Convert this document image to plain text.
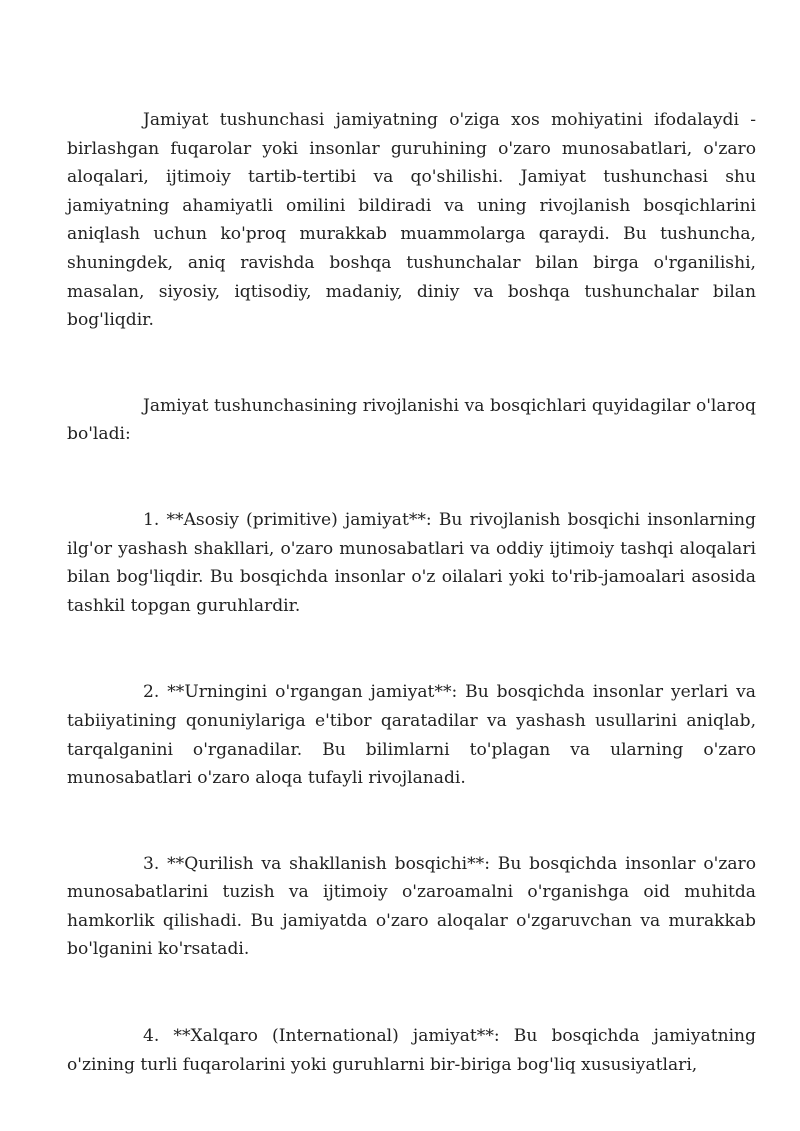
Jamiyat tushunchasi jamiyatning o'ziga xos mohiyatini ifodalaydi - birlashgan fuqarolar yoki insonlar guruhining o'zaro munosabatlari, o'zaro aloqalari, ijtimoiy tartib-tertibi va qo'shilishi. Jamiyat tushunchasi shu jamiyatning ahamiyatli omilini bildiradi va uning rivojlanish bosqichlarini aniqlash uchun ko'proq murakkab muammolarga qaraydi. Bu tushuncha, shuningdek, aniq ravishda boshqa tushunchalar bilan birga o'rganilishi, masalan, siyosiy, iqtisodiy, madaniy, diniy va boshqa tushunchalar bilan bog'liqdir.

Jamiyat tushunchasining rivojlanishi va bosqichlari quyidagilar o'laroq bo'ladi:

1. **Asosiy (primitive) jamiyat**: Bu rivojlanish bosqichi insonlarning ilg'or yashash shakllari, o'zaro munosabatlari va oddiy ijtimoiy tashqi aloqalari bilan bog'liqdir. Bu bosqichda insonlar o'z oilalari yoki to'rib-jamoalari asosida tashkil topgan guruhlardir.

2. **Urningini o'rgangan jamiyat**: Bu bosqichda insonlar yerlari va tabiiyatining qonuniylariga e'tibor qaratadilar va yashash usullarini aniqlab, tarqalganini o'rganadilar. Bu bilimlarni to'plagan va ularning o'zaro munosabatlari o'zaro aloqa tufayli rivojlanadi.

3. **Qurilish va shakllanish bosqichi**: Bu bosqichda insonlar o'zaro munosabatlarini tuzish va ijtimoiy o'zaroamalni o'rganishga oid muhitda hamkorlik qilishadi. Bu jamiyatda o'zaro aloqalar o'zgaruvchan va murakkab bo'lganini ko'rsatadi.

4. **Xalqaro (International) jamiyat**: Bu bosqichda jamiyatning o'zining turli fuqarolarini yoki guruhlarni bir-biriga bog'liq xususiyatlari,
